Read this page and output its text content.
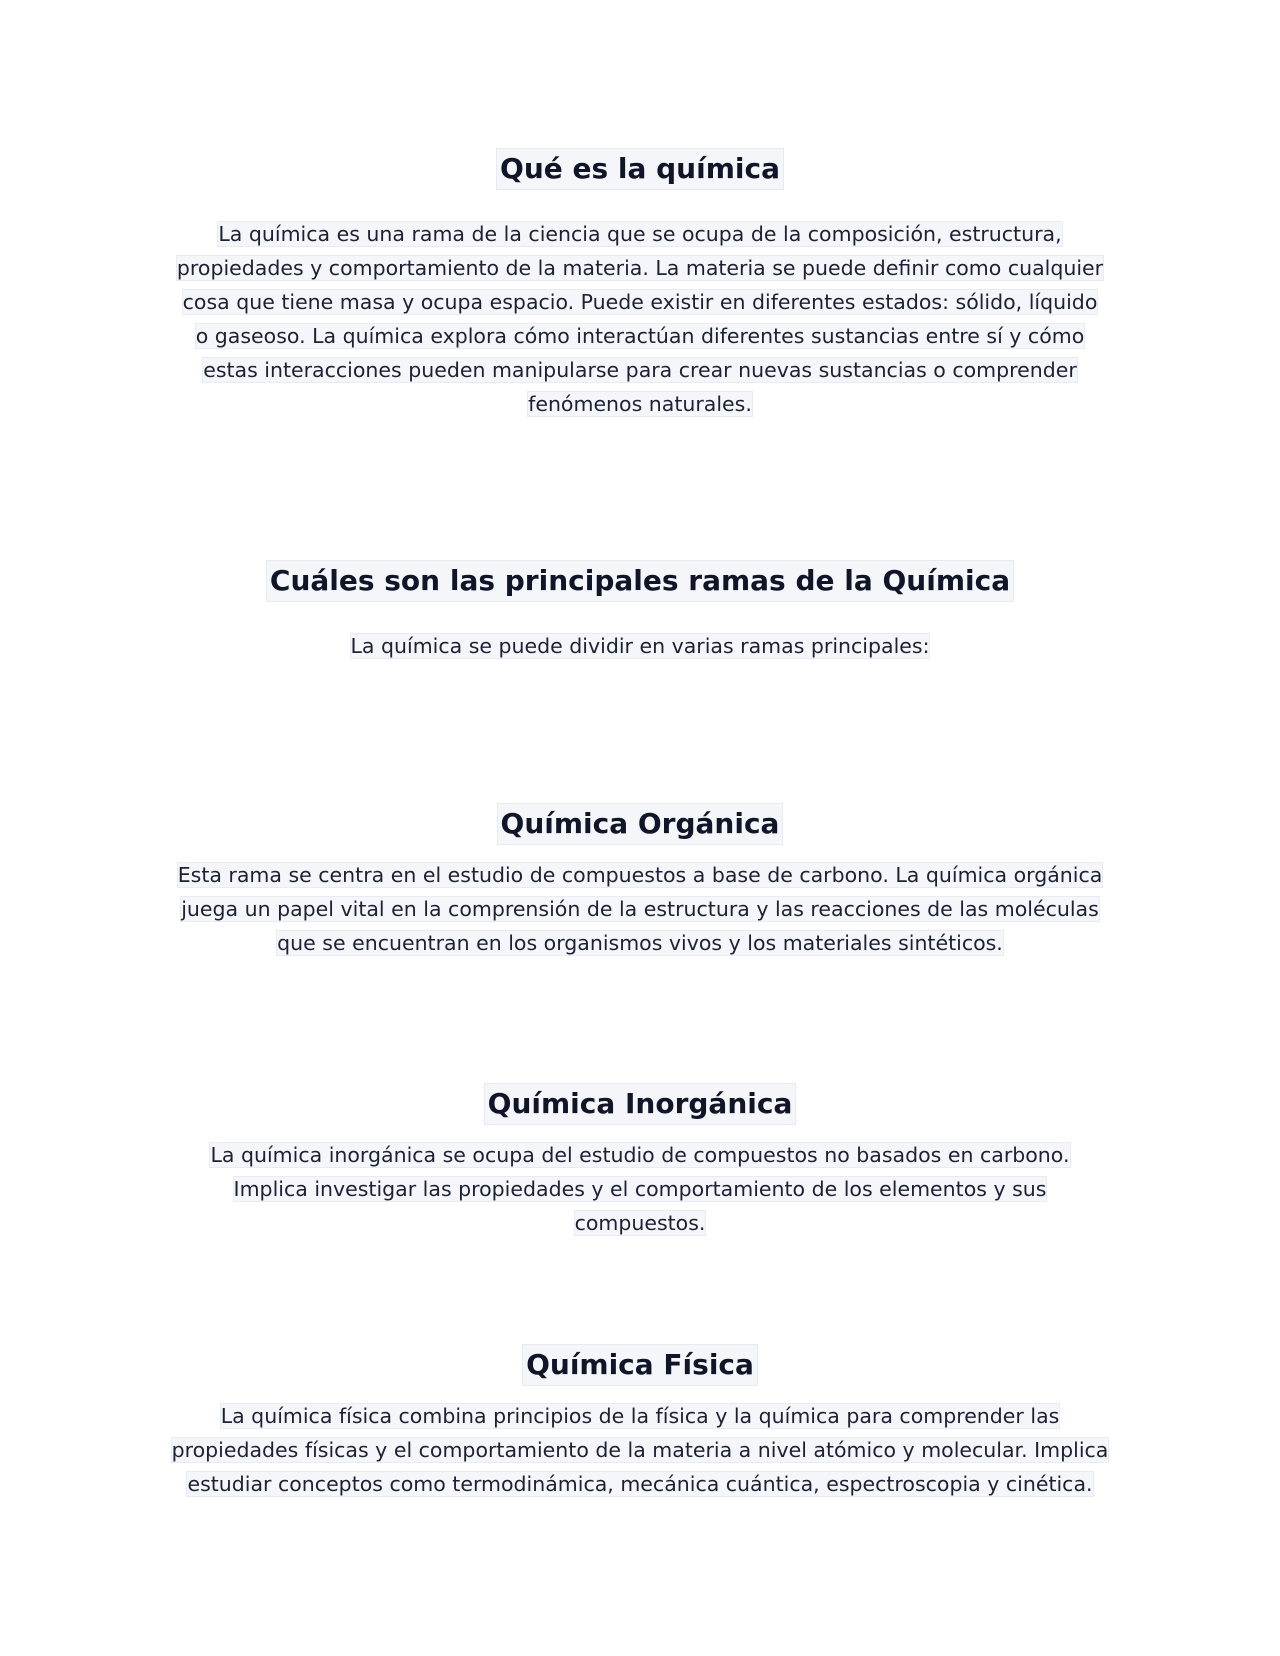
Qué es la química

La química es una rama de la ciencia que se ocupa de la composición, estructura, propiedades y comportamiento de la materia. La materia se puede definir como cualquier cosa que tiene masa y ocupa espacio. Puede existir en diferentes estados: sólido, líquido o gaseoso. La química explora cómo interactúan diferentes sustancias entre sí y cómo estas interacciones pueden manipularse para crear nuevas sustancias o comprender fenómenos naturales.

Cuáles son las principales ramas de la Química

La química se puede dividir en varias ramas principales:

Química Orgánica

Esta rama se centra en el estudio de compuestos a base de carbono. La química orgánica juega un papel vital en la comprensión de la estructura y las reacciones de las moléculas que se encuentran en los organismos vivos y los materiales sintéticos.

Química Inorgánica

La química inorgánica se ocupa del estudio de compuestos no basados en carbono. Implica investigar las propiedades y el comportamiento de los elementos y sus compuestos.

Química Física

La química física combina principios de la física y la química para comprender las propiedades físicas y el comportamiento de la materia a nivel atómico y molecular. Implica estudiar conceptos como termodinámica, mecánica cuántica, espectroscopia y cinética.
